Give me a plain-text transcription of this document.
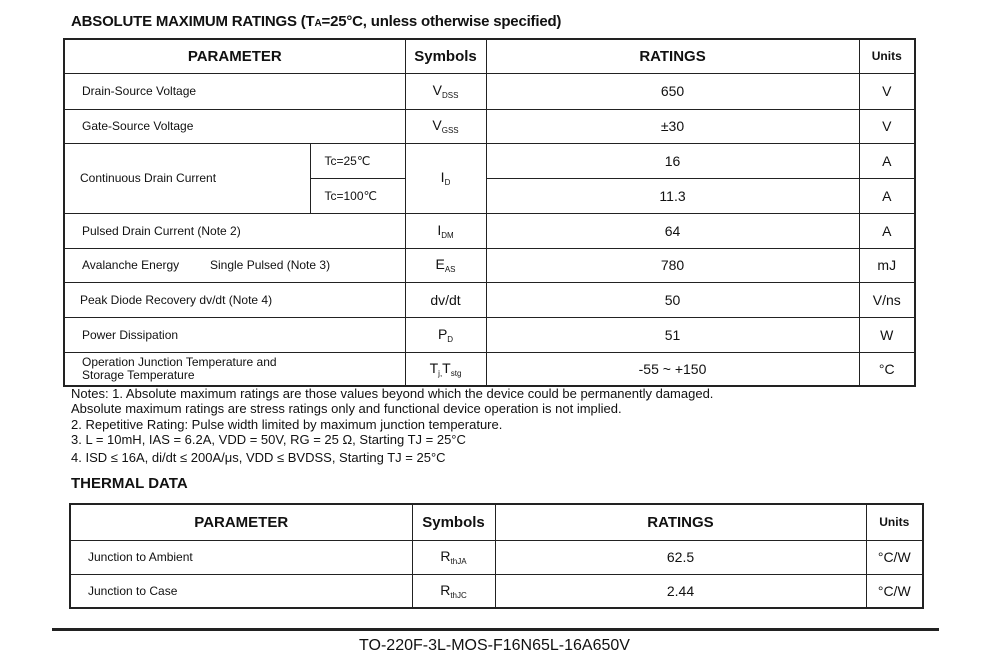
ABSOLUTE MAXIMUM RATINGS (TA=25°C, unless otherwise specified)
PARAMETER		Symbols	RATINGS	Units
Drain-Source Voltage		$V_{DSS}$	650	V
Gate-Source Voltage		$V_{GSS}$	±30	V
Continuous Drain Current	Tc=25℃	$I_D$	16	A
	Tc=100℃		11.3	A
Pulsed Drain Current (Note 2)		$I_{DM}$	64	A
Avalanche Energy Single Pulsed (Note 3)		$E_{AS}$	780	mJ
Peak Diode Recovery dv/dt (Note 4)		dv/dt	50	V/ns
Power Dissipation		$P_D$	51	W
Operation Junction Temperature and
Storage Temperature		$T_{j,}T_{stg}$	-55 ~ +150	°C
Notes: 1. Absolute maximum ratings are those values beyond which the device could be permanently damaged.
Absolute maximum ratings are stress ratings only and functional device operation is not implied.
2. Repetitive Rating: Pulse width limited by maximum junction temperature.
3. L = 10mH, IAS = 6.2A, VDD = 50V, RG = 25 Ω, Starting TJ = 25°C
4. ISD ≤ 16A, di/dt ≤ 200A/μs, VDD ≤ BVDSS, Starting TJ = 25°C
THERMAL DATA
PARAMETER	Symbols	RATINGS	Units
Junction to Ambient	$R_{thJA}$	62.5	°C/W
Junction to Case	$R_{thJC}$	2.44	°C/W
TO-220F-3L-MOS-F16N65L-16A650V
